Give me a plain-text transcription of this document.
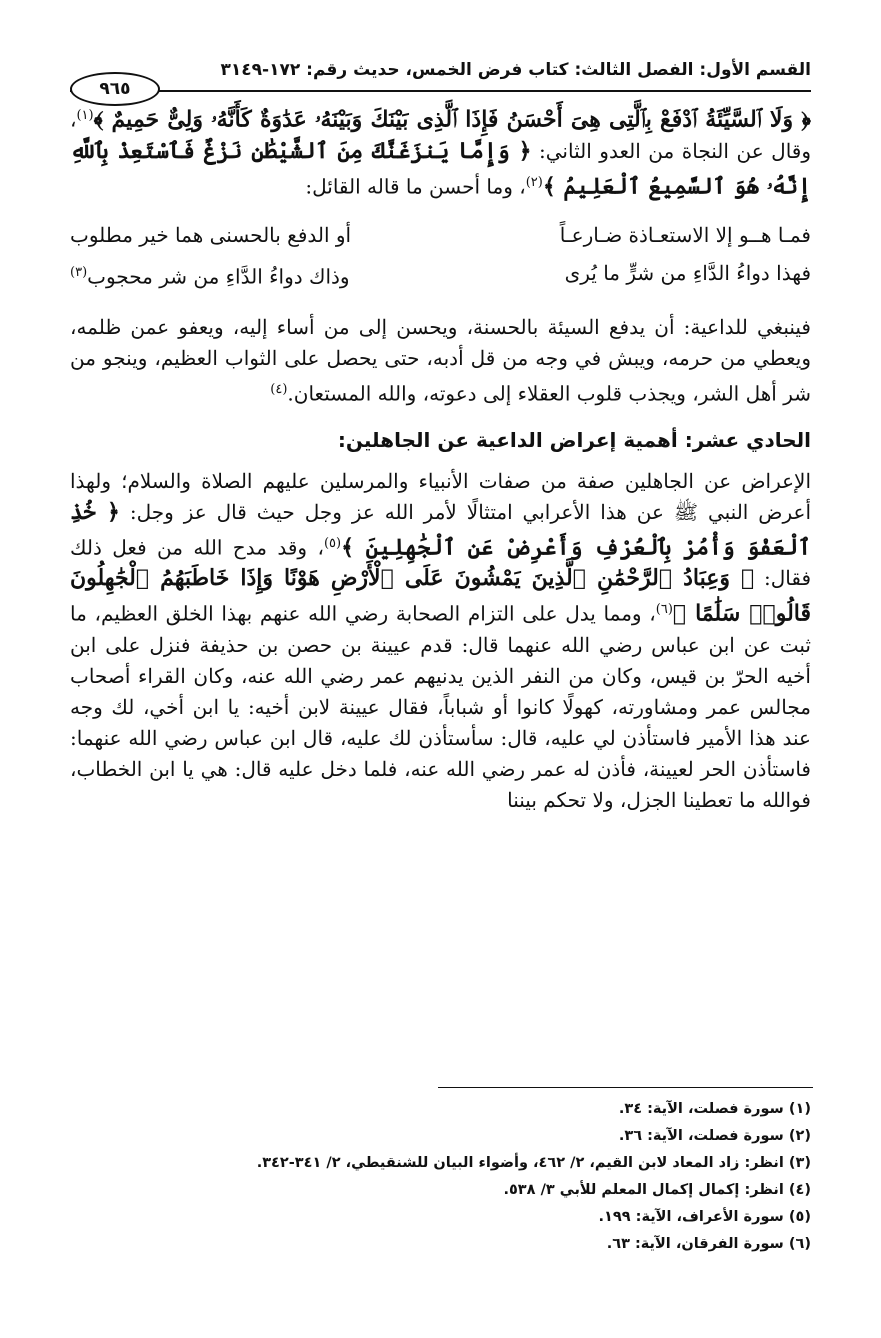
القسم الأول: الفصل الثالث: كتاب فرض الخمس، حديث رقم: ١٧٢-٣١٤٩
٩٦٥

﴿ وَلَا ٱلسَّيِّئَةُ ٱدْفَعْ بِٱلَّتِى هِىَ أَحْسَنُ فَإِذَا ٱلَّذِى بَيْنَكَ وَبَيْنَهُۥ عَدَٰوَةٌ كَأَنَّهُۥ وَلِىٌّ حَمِيمٌ ﴾$^{(١)}$، وقال عن النجاة من العدو الثاني: ﴿ وَإِمَّا يَنزَغَنَّكَ مِنَ ٱلشَّيْطَٰنِ نَزْغٌ فَٱسْتَعِذْ بِٱللَّهِ إِنَّهُۥ هُوَ ٱلسَّمِيعُ ٱلْعَلِيمُ ﴾$^{(٢)}$، وما أحسن ما قاله القائل:

فمـا هــو إلا الاستعـاذة ضـارعـاً
أو الدفع بالحسنى هما خير مطلوب
فهذا دواءُ الدَّاءِ من شرٍّ ما يُرى
وذاك دواءُ الدَّاءِ من شر محجوب$^{(٣)}$

فينبغي للداعية: أن يدفع السيئة بالحسنة، ويحسن إلى من أساء إليه، ويعفو عمن ظلمه، ويعطي من حرمه، ويبش في وجه من قل أدبه، حتى يحصل على الثواب العظيم، وينجو من شر أهل الشر، ويجذب قلوب العقلاء إلى دعوته، والله المستعان.$^{(٤)}$

الحادي عشر: أهمية إعراض الداعية عن الجاهلين:

الإعراض عن الجاهلين صفة من صفات الأنبياء والمرسلين عليهم الصلاة والسلام؛ ولهذا أعرض النبي ﷺ عن هذا الأعرابي امتثالًا لأمر الله عز وجل حيث قال عز وجل: ﴿ خُذِ ٱلْعَفْوَ وَأْمُرْ بِٱلْعُرْفِ وَأَعْرِضْ عَنِ ٱلْجَٰهِلِينَ ﴾$^{(٥)}$، وقد مدح الله من فعل ذلك فقال: ﴿ وَعِبَادُ ٱلرَّحْمَٰنِ ٱلَّذِينَ يَمْشُونَ عَلَى ٱلْأَرْضِ هَوْنًا وَإِذَا خَاطَبَهُمُ ٱلْجَٰهِلُونَ قَالُوا۟ سَلَٰمًا ﴾$^{(٦)}$، ومما يدل على التزام الصحابة رضي الله عنهم بهذا الخلق العظيم، ما ثبت عن ابن عباس رضي الله عنهما قال: قدم عيينة بن حصن بن حذيفة فنزل على ابن أخيه الحرّ بن قيس، وكان من النفر الذين يدنيهم عمر رضي الله عنه، وكان القراء أصحاب مجالس عمر ومشاورته، كهولًا كانوا أو شباباً، فقال عيينة لابن أخيه: يا ابن أخي، لك وجه عند هذا الأمير فاستأذن لي عليه، قال: سأستأذن لك عليه، قال ابن عباس رضي الله عنهما: فاستأذن الحر لعيينة، فأذن له عمر رضي الله عنه، فلما دخل عليه قال: هي يا ابن الخطاب، فوالله ما تعطينا الجزل، ولا تحكم بيننا

(١) سورة فصلت، الآية: ٣٤.
(٢) سورة فصلت، الآية: ٣٦.
(٣) انظر: زاد المعاد لابن القيم، ٢/ ٤٦٢، وأضواء البيان للشنقيطي، ٢/ ٣٤١-٣٤٢.
(٤) انظر: إكمال إكمال المعلم للأبي ٣/ ٥٣٨.
(٥) سورة الأعراف، الآية: ١٩٩.
(٦) سورة الفرقان، الآية: ٦٣.
